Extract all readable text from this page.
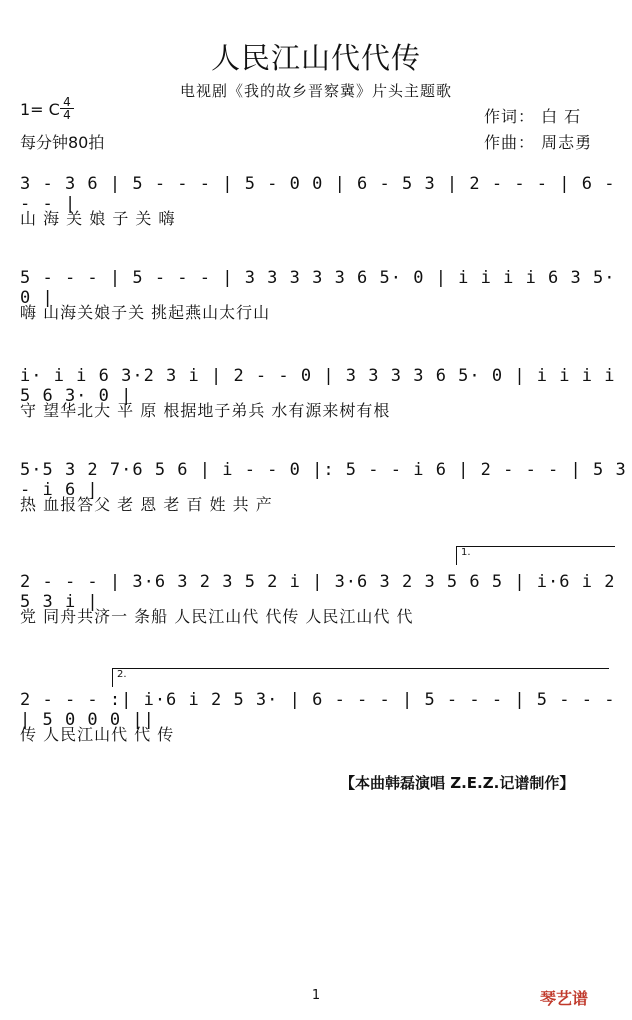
人民江山代代传
电视剧《我的故乡晋察冀》片头主题歌
1= C 4
4
每分钟80拍
作词： 白 石
作曲： 周志勇
3 - 3 6 | 5 - - - | 5 - 0 0 | 6 - 5 3 | 2 - - - | 6 - - - |
山 海 关 娘 子 关 嗨
5 - - - | 5 - - - | 3 3 3 3 3 6 5· 0 | i i i i 6 3 5· 0 |
嗨 山海关娘子关 挑起燕山太行山
i· i i 6 3·2 3 i | 2 - - 0 | 3 3 3 3 6 5· 0 | i i i i 5 6 3· 0 |
守 望华北大 平 原 根据地子弟兵 水有源来树有根
5·5 3 2 7·6 5 6 | i - - 0 |: 5 - - i 6 | 2 - - - | 5 3 - i 6 |
热 血报答父 老 恩 老 百 姓 共 产
1.
2 - - - | 3·6 3 2 3 5 2 i | 3·6 3 2 3 5 6 5 | i·6 i 2 5 3 i |
党 同舟共济一 条船 人民江山代 代传 人民江山代 代
2.
2 - - - :| i·6 i 2 5 3· | 6 - - - | 5 - - - | 5 - - - | 5 0 0 0 ||
传 人民江山代 代 传
【本曲韩磊演唱 Z.E.Z.记谱制作】
1	琴艺谱
